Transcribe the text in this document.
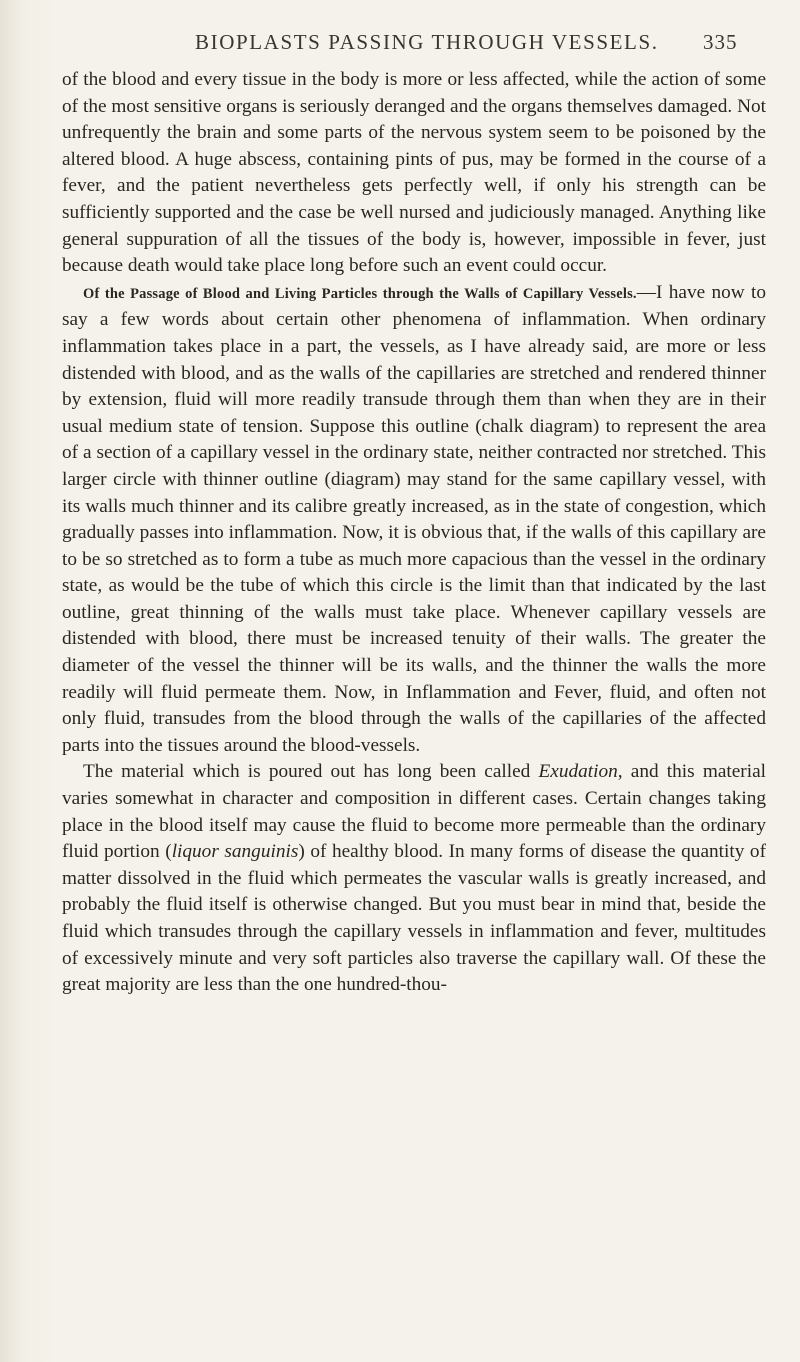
BIOPLASTS PASSING THROUGH VESSELS. 335

of the blood and every tissue in the body is more or less affected, while the action of some of the most sensitive organs is seriously deranged and the organs themselves damaged. Not unfrequently the brain and some parts of the nervous system seem to be poisoned by the altered blood. A huge abscess, containing pints of pus, may be formed in the course of a fever, and the patient nevertheless gets perfectly well, if only his strength can be sufficiently supported and the case be well nursed and judiciously managed. Anything like general suppuration of all the tissues of the body is, however, impossible in fever, just because death would take place long before such an event could occur.

Of the Passage of Blood and Living Particles through the Walls of Capillary Vessels.—I have now to say a few words about certain other phenomena of inflammation. When ordinary inflammation takes place in a part, the vessels, as I have already said, are more or less distended with blood, and as the walls of the capillaries are stretched and rendered thinner by extension, fluid will more readily transude through them than when they are in their usual medium state of tension. Suppose this outline (chalk diagram) to represent the area of a section of a capillary vessel in the ordinary state, neither contracted nor stretched. This larger circle with thinner outline (diagram) may stand for the same capillary vessel, with its walls much thinner and its calibre greatly increased, as in the state of congestion, which gradually passes into inflammation. Now, it is obvious that, if the walls of this capillary are to be so stretched as to form a tube as much more capacious than the vessel in the ordinary state, as would be the tube of which this circle is the limit than that indicated by the last outline, great thinning of the walls must take place. Whenever capillary vessels are distended with blood, there must be increased tenuity of their walls. The greater the diameter of the vessel the thinner will be its walls, and the thinner the walls the more readily will fluid permeate them. Now, in Inflammation and Fever, fluid, and often not only fluid, transudes from the blood through the walls of the capillaries of the affected parts into the tissues around the blood-vessels.

The material which is poured out has long been called Exudation, and this material varies somewhat in character and composition in different cases. Certain changes taking place in the blood itself may cause the fluid to become more permeable than the ordinary fluid portion (liquor sanguinis) of healthy blood. In many forms of disease the quantity of matter dissolved in the fluid which permeates the vascular walls is greatly increased, and probably the fluid itself is otherwise changed. But you must bear in mind that, beside the fluid which transudes through the capillary vessels in inflammation and fever, multitudes of excessively minute and very soft particles also traverse the capillary wall. Of these the great majority are less than the one hundred-thou-
